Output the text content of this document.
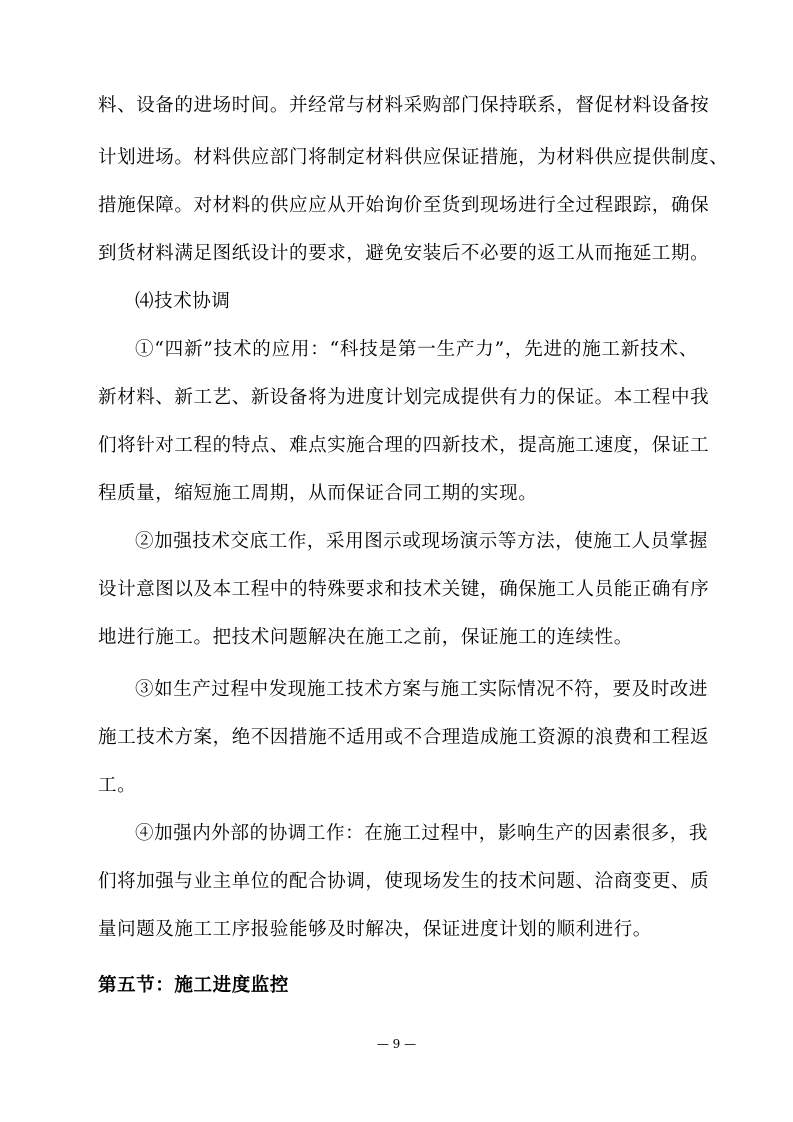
料、设备的进场时间。并经常与材料采购部门保持联系，督促材料设备按
计划进场。材料供应部门将制定材料供应保证措施，为材料供应提供制度、
措施保障。对材料的供应应从开始询价至货到现场进行全过程跟踪，确保
到货材料满足图纸设计的要求，避免安装后不必要的返工从而拖延工期。
⑷技术协调
①“四新”技术的应用：“科技是第一生产力”，先进的施工新技术、
新材料、新工艺、新设备将为进度计划完成提供有力的保证。本工程中我
们将针对工程的特点、难点实施合理的四新技术，提高施工速度，保证工
程质量，缩短施工周期，从而保证合同工期的实现。
②加强技术交底工作，采用图示或现场演示等方法，使施工人员掌握
设计意图以及本工程中的特殊要求和技术关键，确保施工人员能正确有序
地进行施工。把技术问题解决在施工之前，保证施工的连续性。
③如生产过程中发现施工技术方案与施工实际情况不符，要及时改进
施工技术方案，绝不因措施不适用或不合理造成施工资源的浪费和工程返
工。
④加强内外部的协调工作：在施工过程中，影响生产的因素很多，我
们将加强与业主单位的配合协调，使现场发生的技术问题、洽商变更、质
量问题及施工工序报验能够及时解决，保证进度计划的顺利进行。
第五节：施工进度监控
— 9 —
